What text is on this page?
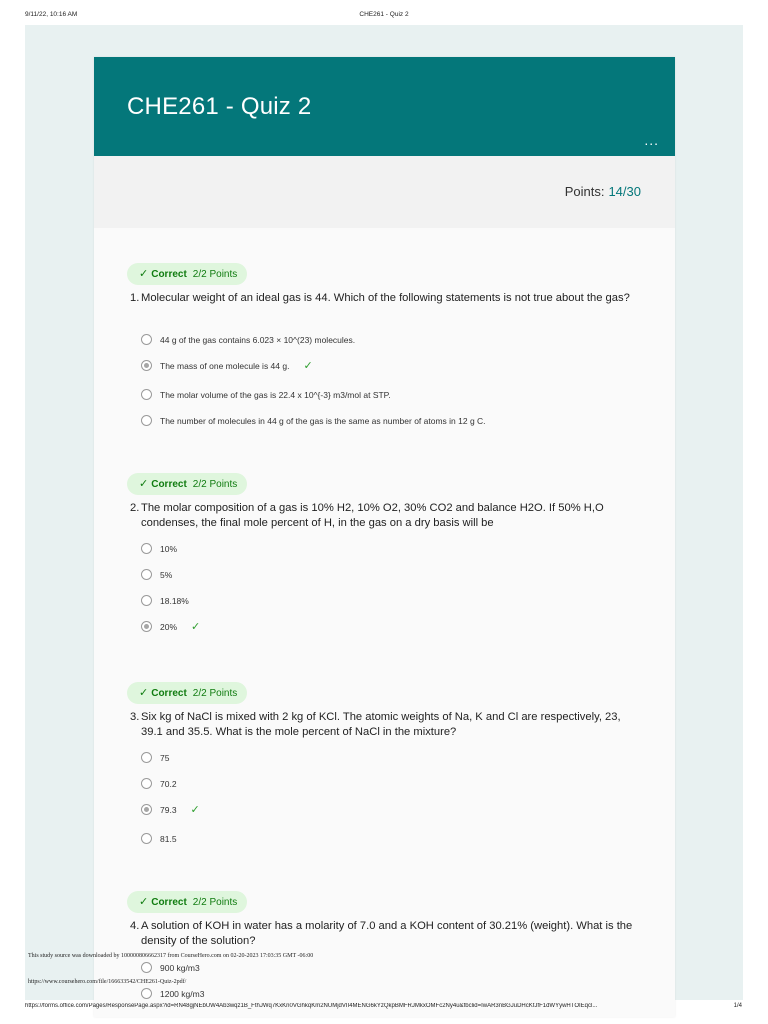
9/11/22, 10:16 AM	CHE261 - Quiz 2
CHE261 - Quiz 2
...
Points: 14/30
✓ Correct 2/2 Points
1. Molecular weight of an ideal gas is 44. Which of the following statements is not true about the gas?
44 g of the gas contains 6.023 × 10^(23) molecules.
The mass of one molecule is 44 g. ✓
The molar volume of the gas is 22.4 x 10^{-3} m3/mol at STP.
The number of molecules in 44 g of the gas is the same as number of atoms in 12 g C.
✓ Correct 2/2 Points
2. The molar composition of a gas is 10% H2, 10% O2, 30% CO2 and balance H2O. If 50% H,O condenses, the final mole percent of H, in the gas on a dry basis will be
10%
5%
18.18%
20% ✓
✓ Correct 2/2 Points
3. Six kg of NaCl is mixed with 2 kg of KCl. The atomic weights of Na, K and Cl are respectively, 23, 39.1 and 35.5. What is the mole percent of NaCl in the mixture?
75
70.2
79.3 ✓
81.5
✓ Correct 2/2 Points
4. A solution of KOH in water has a molarity of 7.0 and a KOH content of 30.21% (weight). What is the density of the solution?
900 kg/m3
1200 kg/m3
This study source was downloaded by 100000806662317 from CourseHero.com on 02-20-2023 17:03:35 GMT -06:00
https://www.coursehero.com/file/166633542/CHE261-Quiz-2pdf/
https://forms.office.com/Pages/ResponsePage.aspx?id=RN48gjNEbUW4Ab3wqz1B_FthJWq7KxKn0VGhkqKm2NUMjdVII4MENG6kYzQkpBMFRJMkxOMFc2Ny4u&fbclid=IwAR3nBGJuDHcKfJfF1dWYywHTOIEqcl...	1/4
